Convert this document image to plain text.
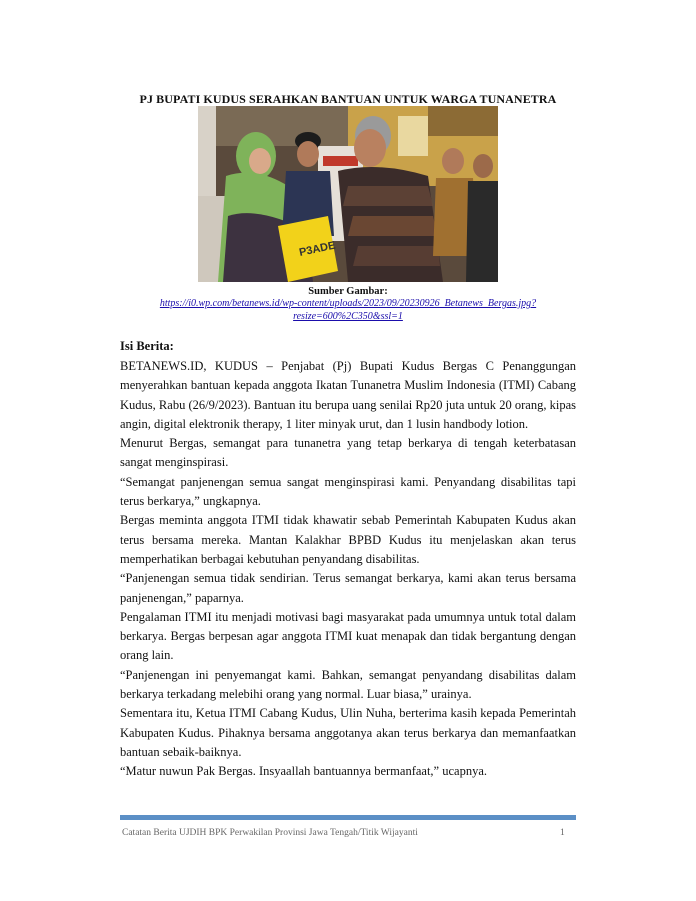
PJ BUPATI KUDUS SERAHKAN BANTUAN UNTUK WARGA TUNANETRA
P3ADE
Sumber Gambar:
https://i0.wp.com/betanews.id/wp-content/uploads/2023/09/20230926_Betanews_Bergas.jpg?resize=600%2C350&ssl=1
Isi Berita:

BETANEWS.ID, KUDUS – Penjabat (Pj) Bupati Kudus Bergas C Penanggungan menyerahkan bantuan kepada anggota Ikatan Tunanetra Muslim Indonesia (ITMI) Cabang Kudus, Rabu (26/9/2023). Bantuan itu berupa uang senilai Rp20 juta untuk 20 orang, kipas angin, digital elektronik therapy, 1 liter minyak urut, dan 1 lusin handbody lotion.

Menurut Bergas, semangat para tunanetra yang tetap berkarya di tengah keterbatasan sangat menginspirasi.

“Semangat panjenengan semua sangat menginspirasi kami. Penyandang disabilitas tapi terus berkarya,” ungkapnya.

Bergas meminta anggota ITMI tidak khawatir sebab Pemerintah Kabupaten Kudus akan terus bersama mereka. Mantan Kalakhar BPBD Kudus itu menjelaskan akan terus memperhatikan berbagai kebutuhan penyandang disabilitas.

“Panjenengan semua tidak sendirian. Terus semangat berkarya, kami akan terus bersama panjenengan,” paparnya.

Pengalaman ITMI itu menjadi motivasi bagi masyarakat pada umumnya untuk total dalam berkarya. Bergas berpesan agar anggota ITMI kuat menapak dan tidak bergantung dengan orang lain.

“Panjenengan ini penyemangat kami. Bahkan, semangat penyandang disabilitas dalam berkarya terkadang melebihi orang yang normal. Luar biasa,” urainya.

Sementara itu, Ketua ITMI Cabang Kudus, Ulin Nuha, berterima kasih kepada Pemerintah Kabupaten Kudus. Pihaknya bersama anggotanya akan terus berkarya dan memanfaatkan bantuan sebaik-baiknya.

“Matur nuwun Pak Bergas. Insyaallah bantuannya bermanfaat,” ucapnya.

Catatan Berita UJDIH BPK Perwakilan Provinsi Jawa Tengah/Titik Wijayanti	1
